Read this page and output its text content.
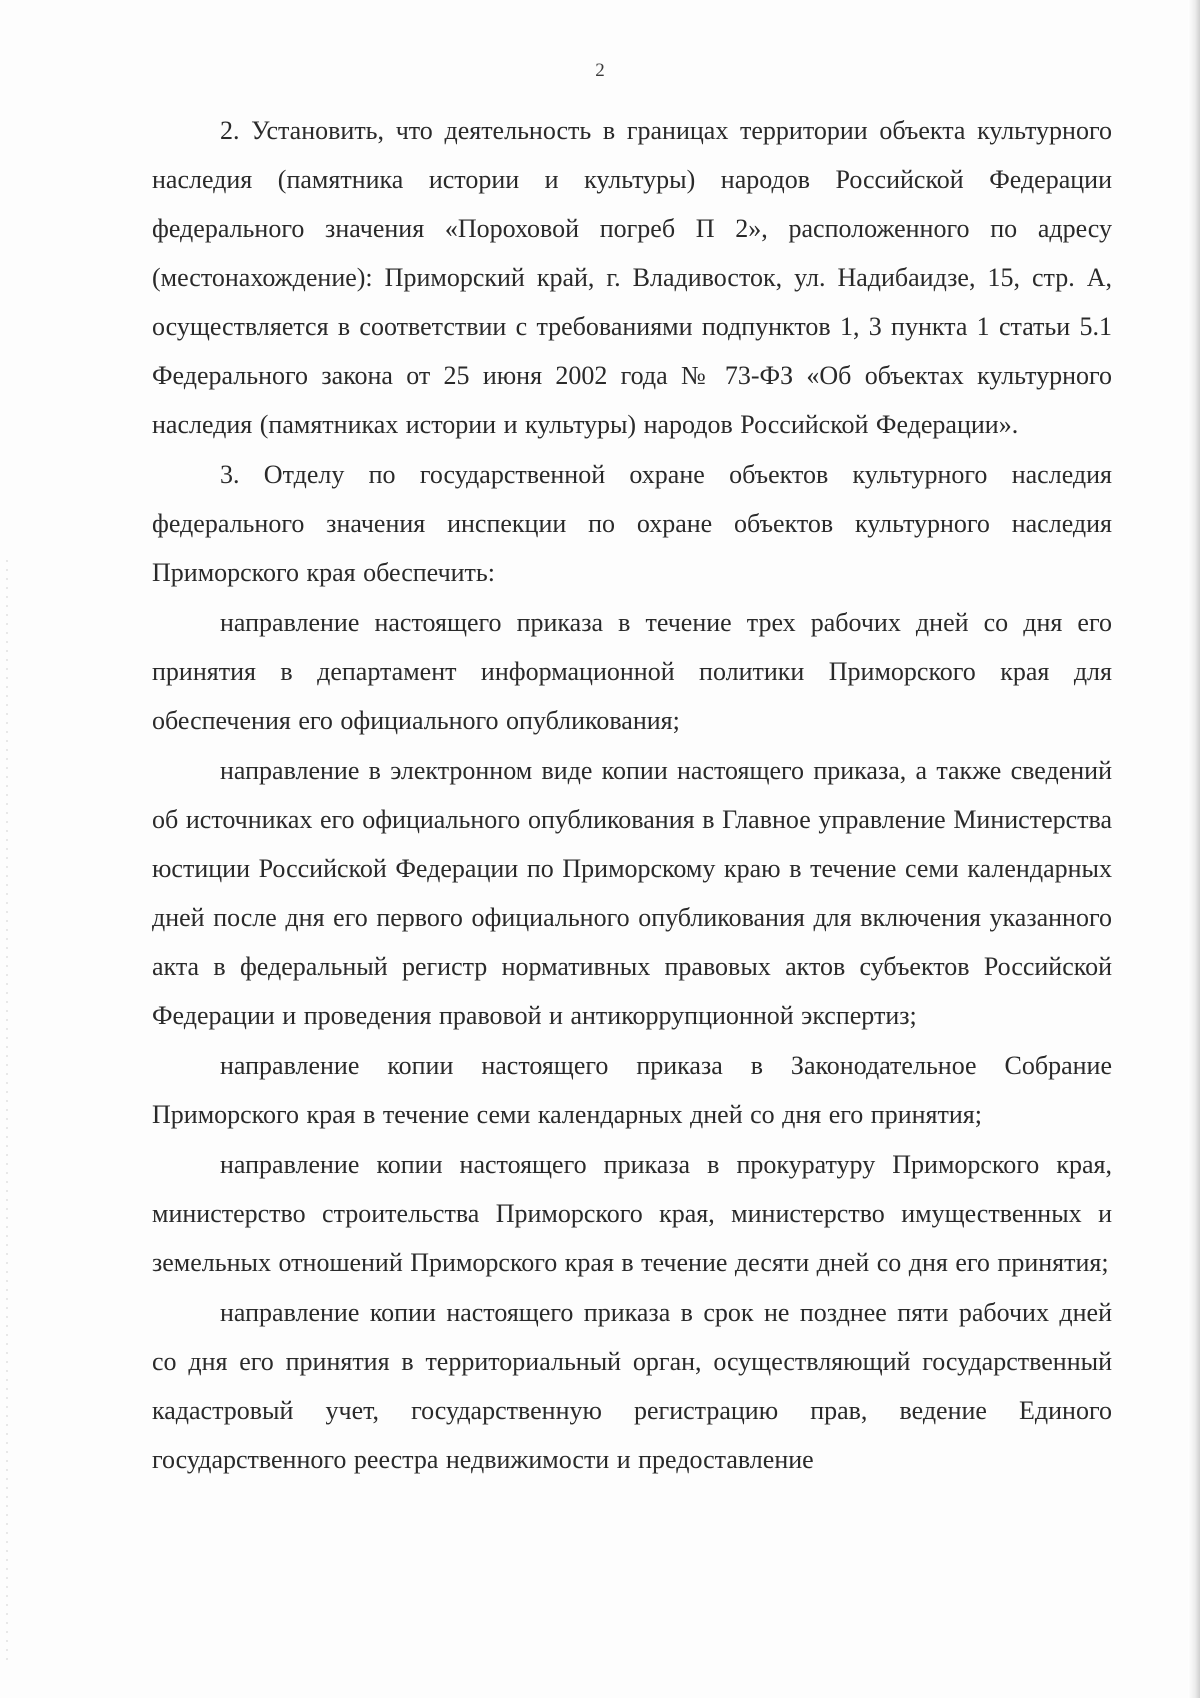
2

2. Установить, что деятельность в границах территории объекта культурного наследия (памятника истории и культуры) народов Российской Федерации федерального значения «Пороховой погреб П 2», расположенного по адресу (местонахождение): Приморский край, г. Владивосток, ул. Надибаидзе, 15, стр. А, осуществляется в соответствии с требованиями подпунктов 1, 3 пункта 1 статьи 5.1 Федерального закона от 25 июня 2002 года № 73-ФЗ «Об объектах культурного наследия (памятниках истории и культуры) народов Российской Федерации».

3. Отделу по государственной охране объектов культурного наследия федерального значения инспекции по охране объектов культурного наследия Приморского края обеспечить:

направление настоящего приказа в течение трех рабочих дней со дня его принятия в департамент информационной политики Приморского края для обеспечения его официального опубликования;

направление в электронном виде копии настоящего приказа, а также сведений об источниках его официального опубликования в Главное управление Министерства юстиции Российской Федерации по Приморскому краю в течение семи календарных дней после дня его первого официального опубликования для включения указанного акта в федеральный регистр нормативных правовых актов субъектов Российской Федерации и проведения правовой и антикоррупционной экспертиз;

направление копии настоящего приказа в Законодательное Собрание Приморского края в течение семи календарных дней со дня его принятия;

направление копии настоящего приказа в прокуратуру Приморского края, министерство строительства Приморского края, министерство имущественных и земельных отношений Приморского края в течение десяти дней со дня его принятия;

направление копии настоящего приказа в срок не позднее пяти рабочих дней со дня его принятия в территориальный орган, осуществляющий государственный кадастровый учет, государственную регистрацию прав, ведение Единого государственного реестра недвижимости и предоставление
